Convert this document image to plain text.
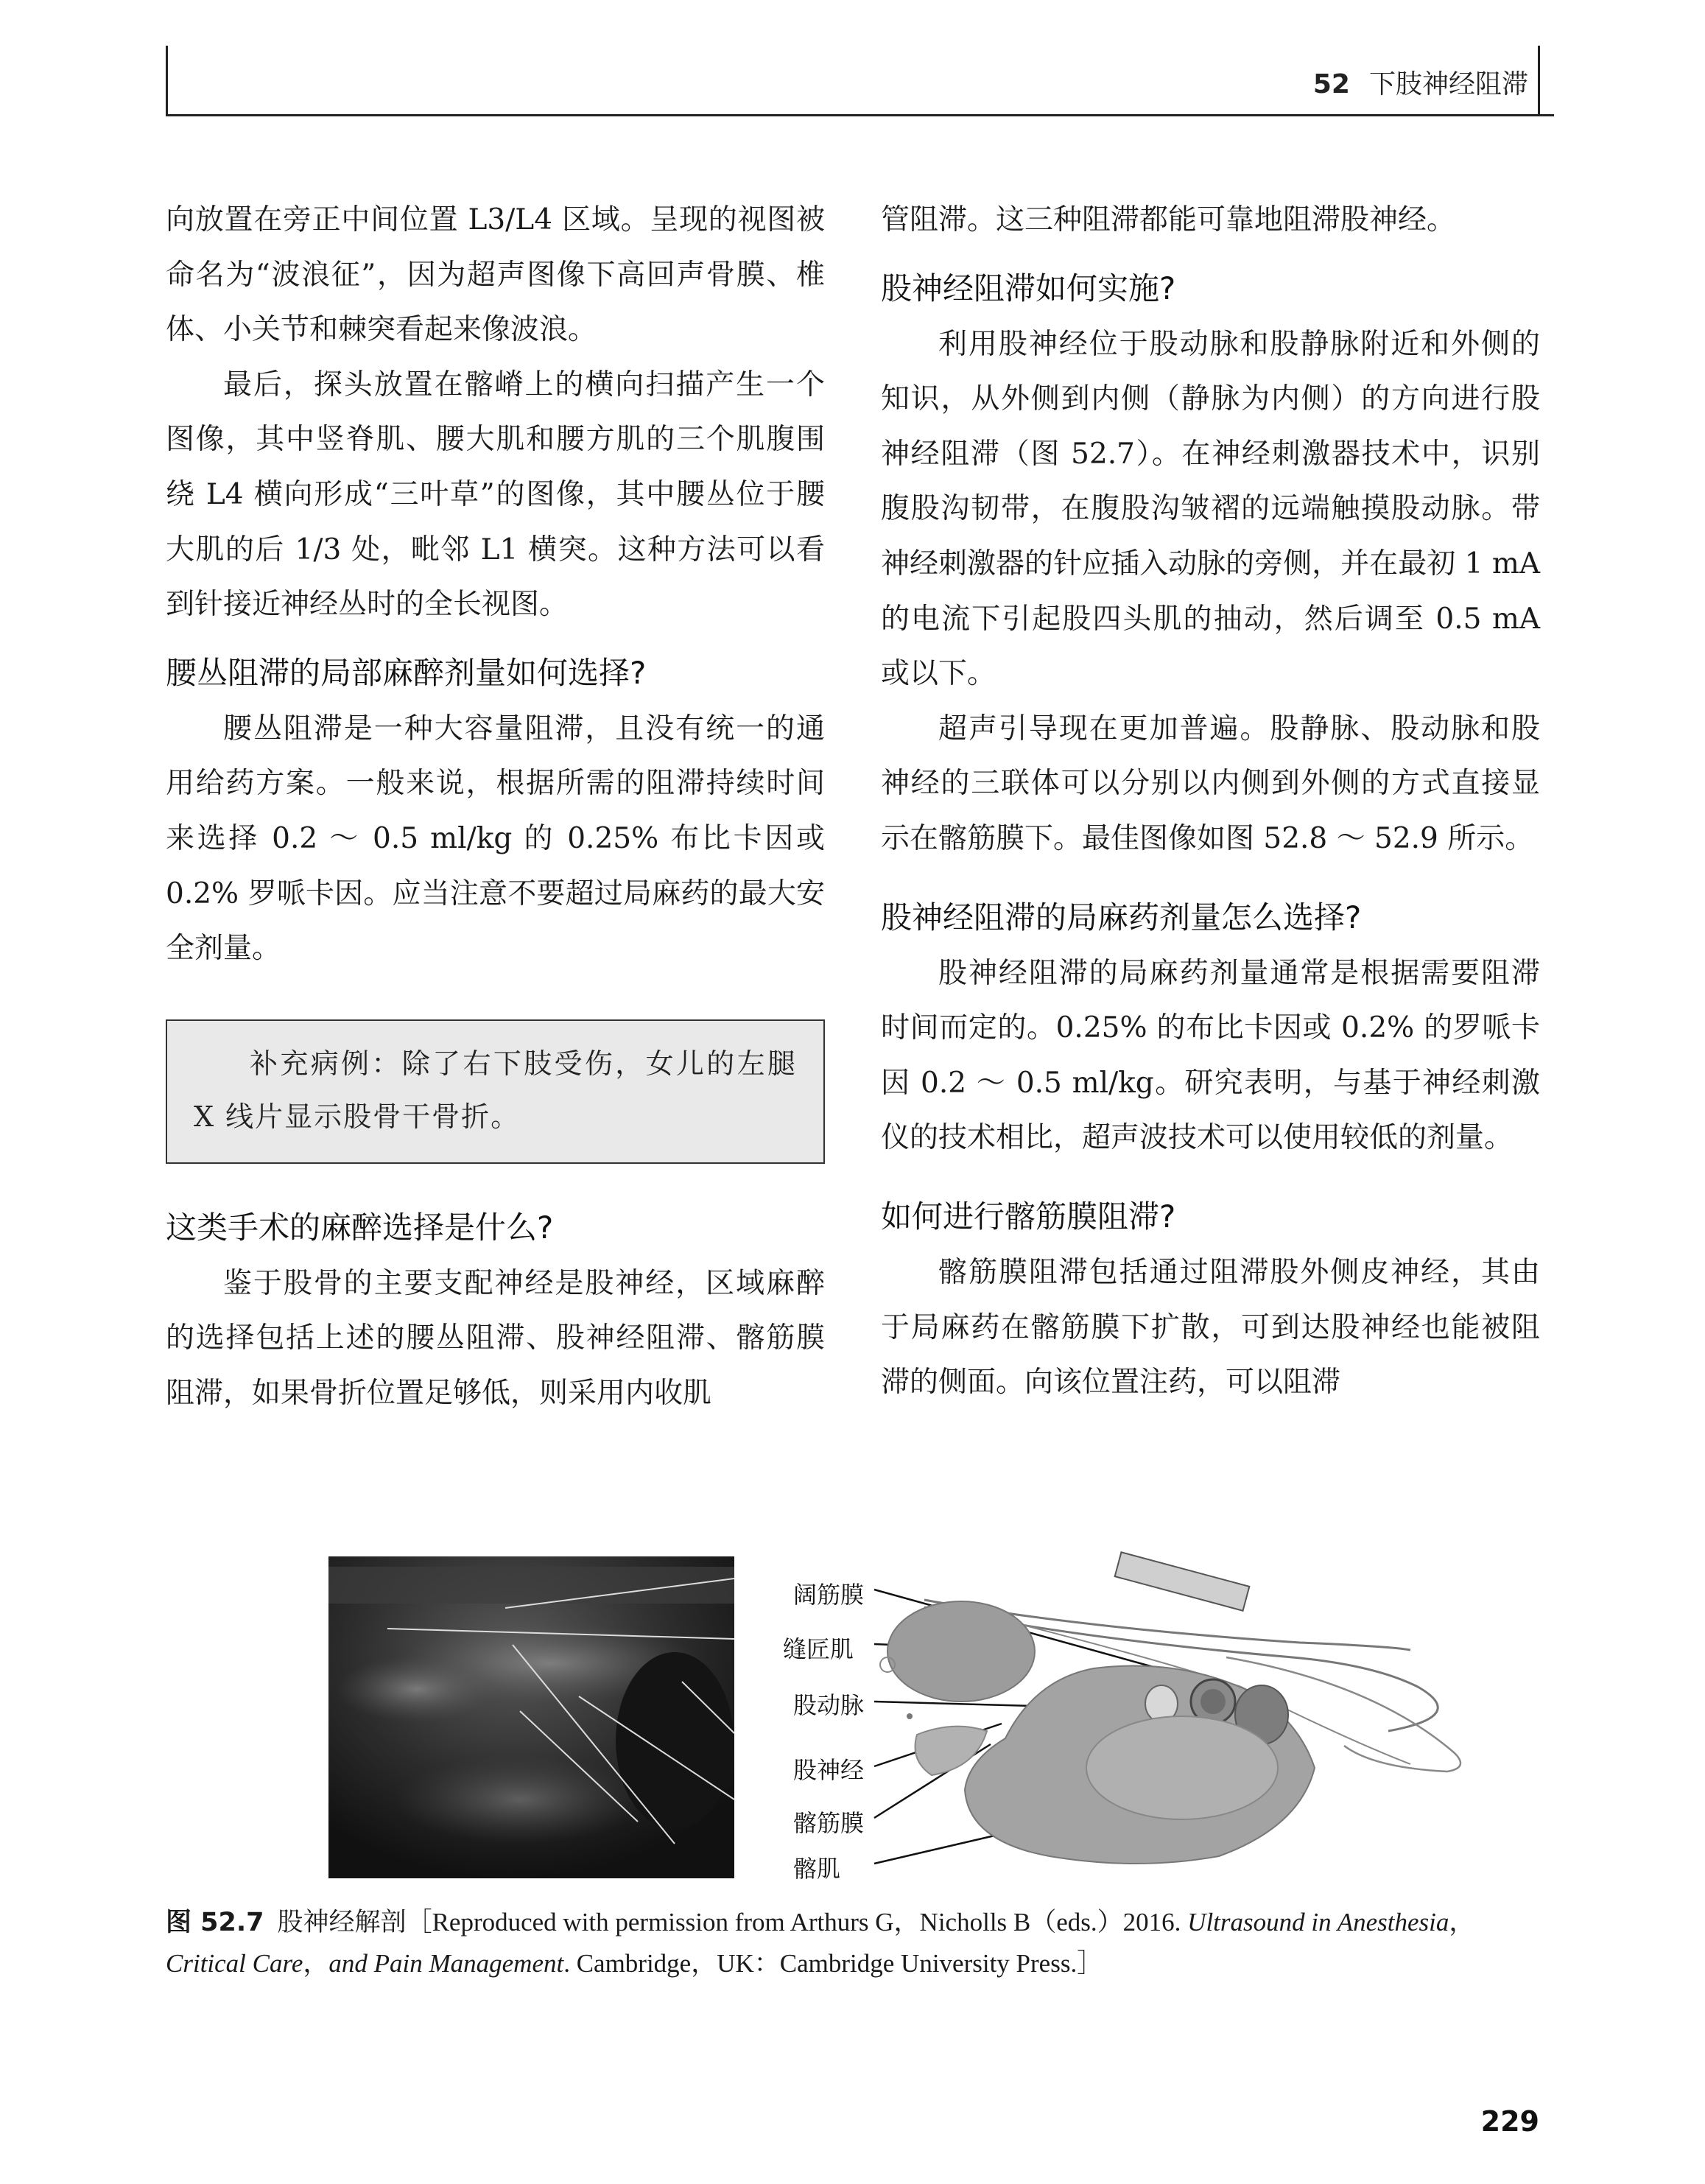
52 下肢神经阻滞

向放置在旁正中间位置 L3/L4 区域。呈现的视图被命名为“波浪征”，因为超声图像下高回声骨膜、椎体、小关节和棘突看起来像波浪。

最后，探头放置在髂嵴上的横向扫描产生一个图像，其中竖脊肌、腰大肌和腰方肌的三个肌腹围绕 L4 横向形成“三叶草”的图像，其中腰丛位于腰大肌的后 1/3 处，毗邻 L1 横突。这种方法可以看到针接近神经丛时的全长视图。

腰丛阻滞的局部麻醉剂量如何选择?

腰丛阻滞是一种大容量阻滞，且没有统一的通用给药方案。一般来说，根据所需的阻滞持续时间来选择 0.2 ～ 0.5 ml/kg 的 0.25% 布比卡因或 0.2% 罗哌卡因。应当注意不要超过局麻药的最大安全剂量。

补充病例：除了右下肢受伤，女儿的左腿 X 线片显示股骨干骨折。

这类手术的麻醉选择是什么?

鉴于股骨的主要支配神经是股神经，区域麻醉的选择包括上述的腰丛阻滞、股神经阻滞、髂筋膜阻滞，如果骨折位置足够低，则采用内收肌

管阻滞。这三种阻滞都能可靠地阻滞股神经。

股神经阻滞如何实施?

利用股神经位于股动脉和股静脉附近和外侧的知识，从外侧到内侧（静脉为内侧）的方向进行股神经阻滞（图 52.7）。在神经刺激器技术中，识别腹股沟韧带，在腹股沟皱褶的远端触摸股动脉。带神经刺激器的针应插入动脉的旁侧，并在最初 1 mA 的电流下引起股四头肌的抽动，然后调至 0.5 mA 或以下。

超声引导现在更加普遍。股静脉、股动脉和股神经的三联体可以分别以内侧到外侧的方式直接显示在髂筋膜下。最佳图像如图 52.8 ～ 52.9 所示。

股神经阻滞的局麻药剂量怎么选择?

股神经阻滞的局麻药剂量通常是根据需要阻滞时间而定的。0.25% 的布比卡因或 0.2% 的罗哌卡因 0.2 ～ 0.5 ml/kg。研究表明，与基于神经刺激仪的技术相比，超声波技术可以使用较低的剂量。

如何进行髂筋膜阻滞?

髂筋膜阻滞包括通过阻滞股外侧皮神经，其由于局麻药在髂筋膜下扩散，可到达股神经也能被阻滞的侧面。向该位置注药，可以阻滞

阔筋膜
缝匠肌
股动脉
股神经
髂筋膜
髂肌
图 52.7 股神经解剖［Reproduced with permission from Arthurs G，Nicholls B（eds.）2016. Ultrasound in Anesthesia，
Critical Care，and Pain Management. Cambridge，UK：Cambridge University Press.］
229
